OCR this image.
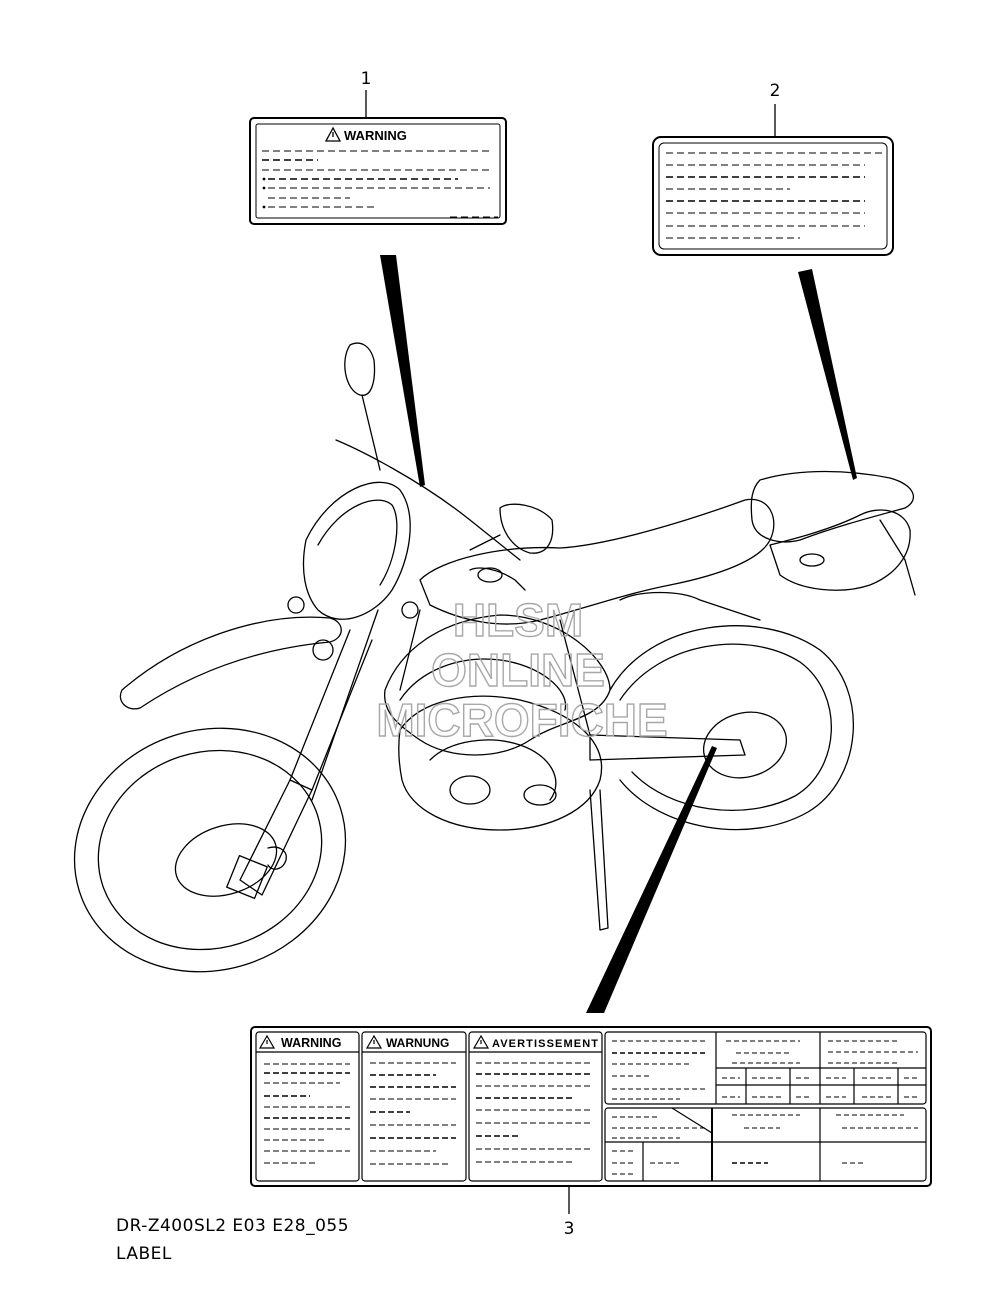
1
2
3
WARNING
HLSM
ONLINE
MICROFICHE
WARNING	WARNUNG	AVERTISSEMENT
DR-Z400SL2 E03 E28_055
LABEL
